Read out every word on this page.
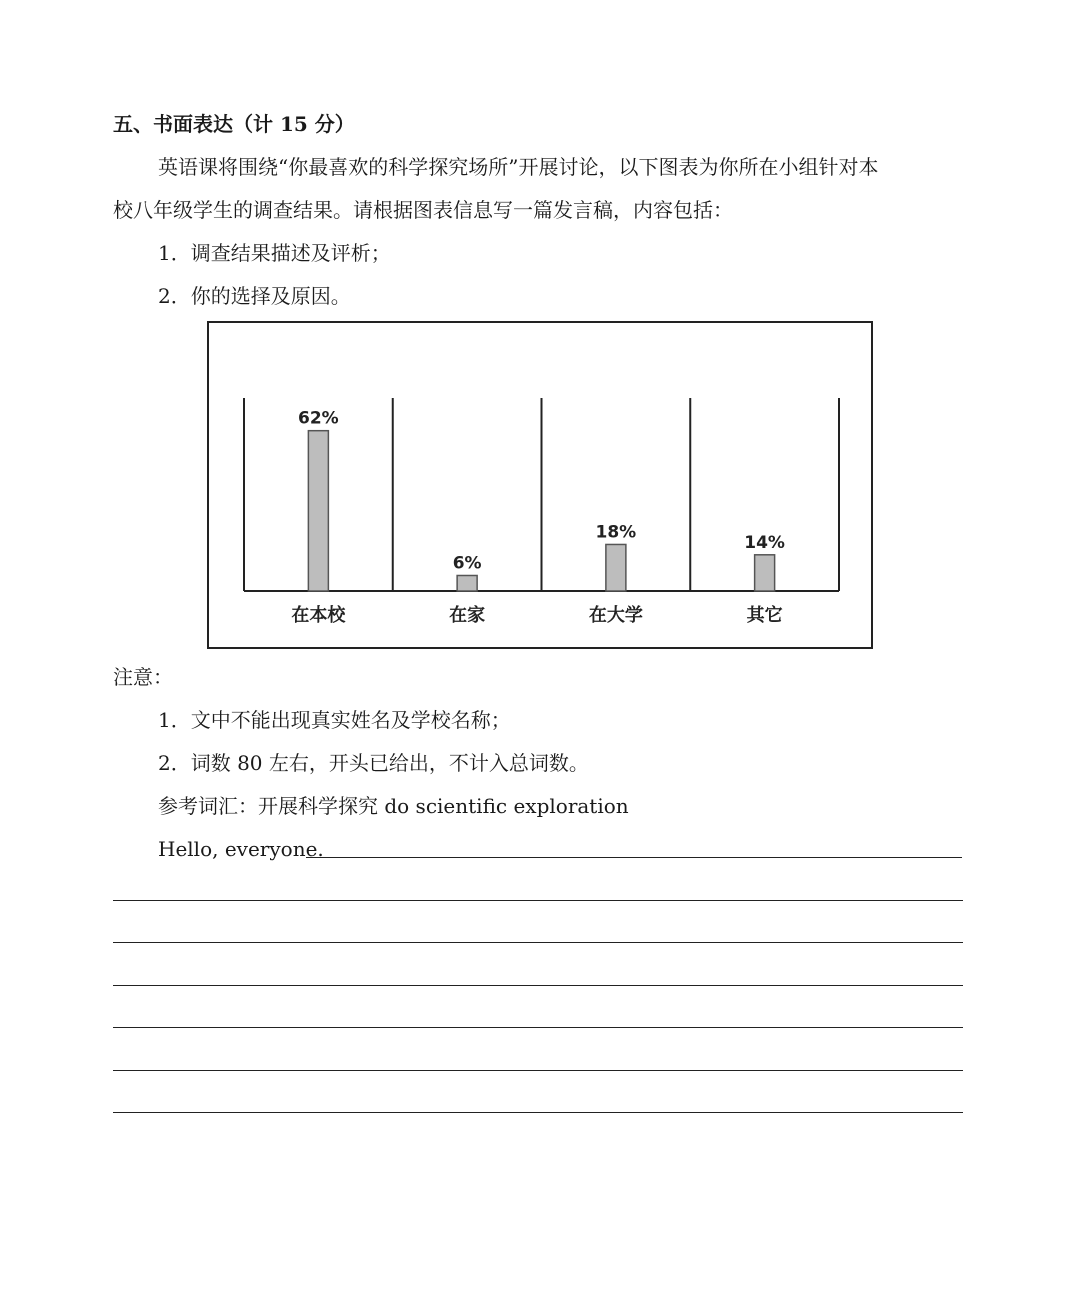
五、书面表达（计 15 分）
英语课将围绕“你最喜欢的科学探究场所”开展讨论，以下图表为你所在小组针对本
校八年级学生的调查结果。请根据图表信息写一篇发言稿，内容包括：
1．调查结果描述及评析；
2．你的选择及原因。
62%
在本校
6%
在家
18%
在大学
14%
其它
注意：
1．文中不能出现真实姓名及学校名称；
2．词数 80 左右，开头已给出，不计入总词数。
参考词汇：开展科学探究 do scientific exploration
Hello, everyone.
